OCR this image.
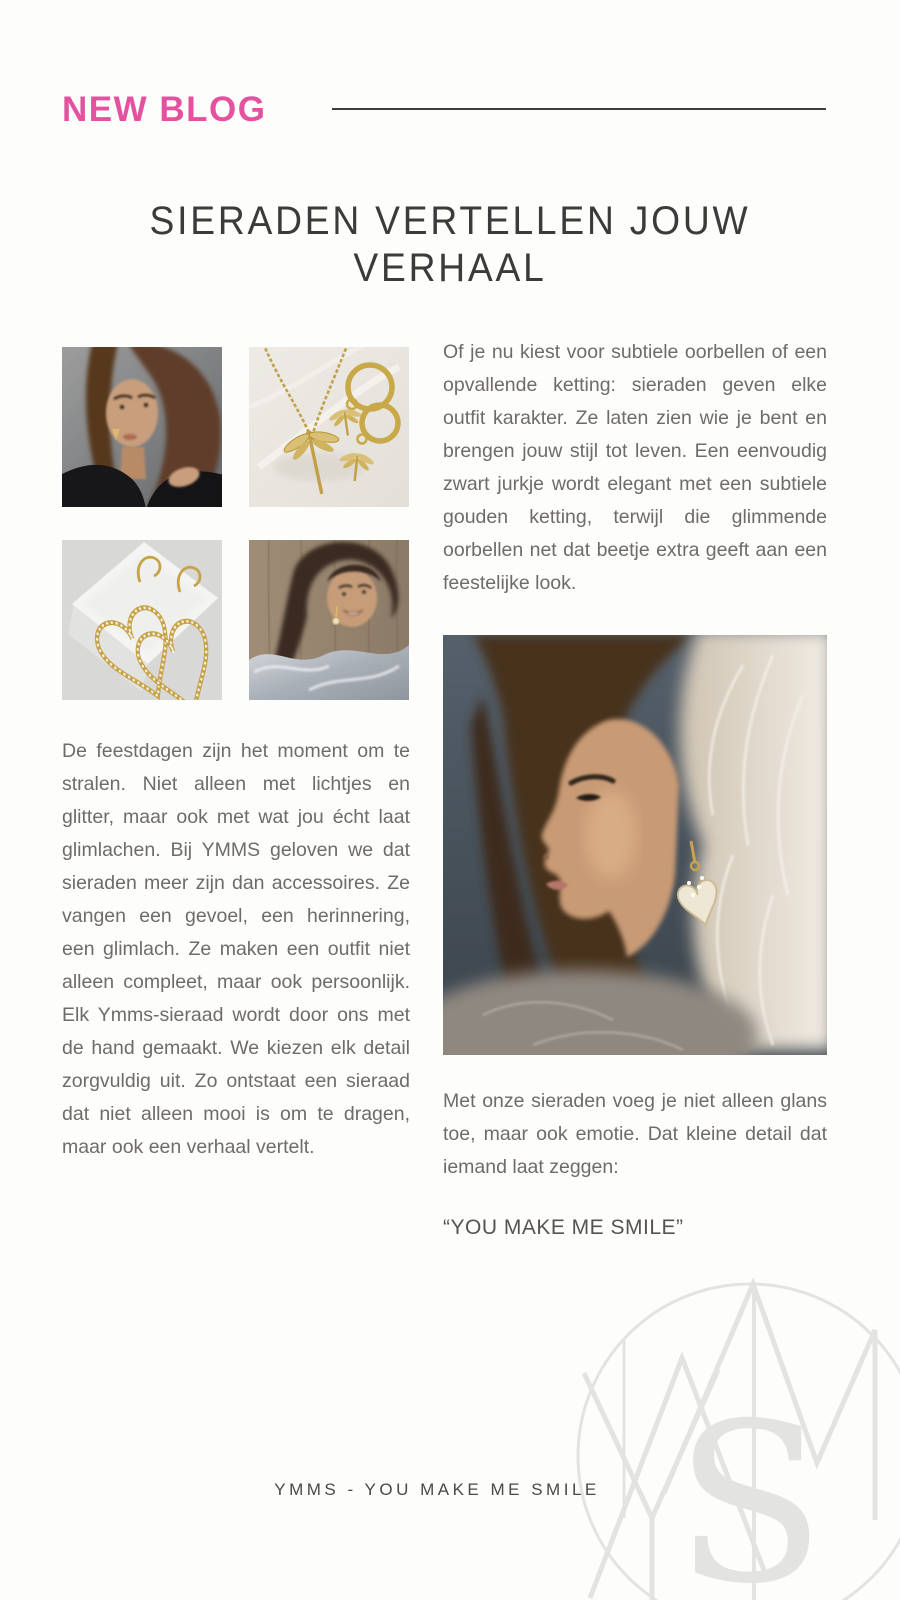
NEW BLOG
SIERADEN VERTELLEN JOUW
VERHAAL

De feestdagen zijn het moment om te stralen. Niet alleen met lichtjes en glitter, maar ook met wat jou écht laat glimlachen. Bij YMMS geloven we dat sieraden meer zijn dan accessoires. Ze vangen een gevoel, een herinnering, een glimlach. Ze maken een outfit niet alleen compleet, maar ook persoonlijk. Elk Ymms-sieraad wordt door ons met de hand gemaakt. We kiezen elk detail zorgvuldig uit. Zo ontstaat een sieraad dat niet alleen mooi is om te dragen, maar ook een verhaal vertelt.

Of je nu kiest voor subtiele oorbellen of een opvallende ketting: sieraden geven elke outfit karakter. Ze laten zien wie je bent en brengen jouw stijl tot leven. Een eenvoudig zwart jurkje wordt elegant met een subtiele gouden ketting, terwijl die glimmende oorbellen net dat beetje extra geeft aan een feestelijke look.

Met onze sieraden voeg je niet alleen glans toe, maar ook emotie. Dat kleine detail dat iemand laat zeggen:

“YOU MAKE ME SMILE”

S
YMMS - YOU MAKE ME SMILE
